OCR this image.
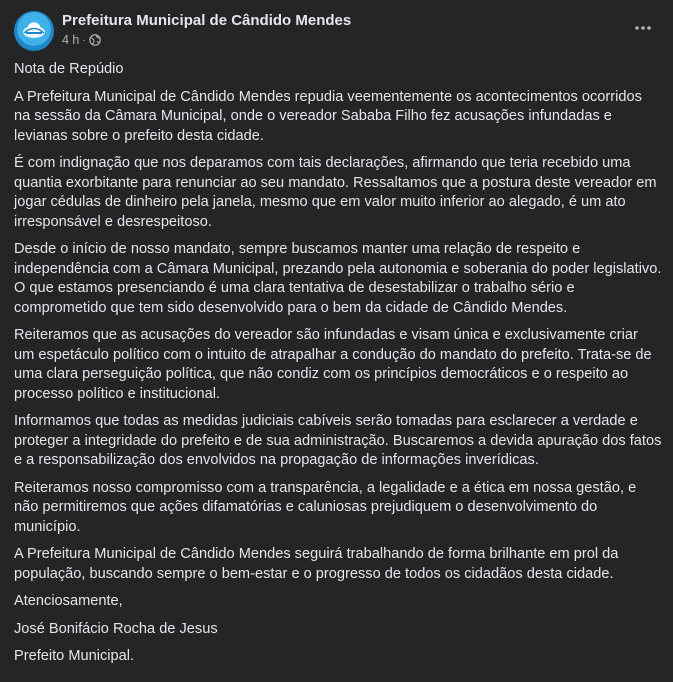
Prefeitura Municipal de Cândido Mendes
4 h ·

Nota de Repúdio

A Prefeitura Municipal de Cândido Mendes repudia veementemente os acontecimentos ocorridos na sessão da Câmara Municipal, onde o vereador Sababa Filho fez acusações infundadas e levianas sobre o prefeito desta cidade.

É com indignação que nos deparamos com tais declarações, afirmando que teria recebido uma quantia exorbitante para renunciar ao seu mandato. Ressaltamos que a postura deste vereador em jogar cédulas de dinheiro pela janela, mesmo que em valor muito inferior ao alegado, é um ato irresponsável e desrespeitoso.

Desde o início de nosso mandato, sempre buscamos manter uma relação de respeito e independência com a Câmara Municipal, prezando pela autonomia e soberania do poder legislativo. O que estamos presenciando é uma clara tentativa de desestabilizar o trabalho sério e comprometido que tem sido desenvolvido para o bem da cidade de Cândido Mendes.

Reiteramos que as acusações do vereador são infundadas e visam única e exclusivamente criar um espetáculo político com o intuito de atrapalhar a condução do mandato do prefeito. Trata-se de uma clara perseguição política, que não condiz com os princípios democráticos e o respeito ao processo político e institucional.

Informamos que todas as medidas judiciais cabíveis serão tomadas para esclarecer a verdade e proteger a integridade do prefeito e de sua administração. Buscaremos a devida apuração dos fatos e a responsabilização dos envolvidos na propagação de informações inverídicas.

Reiteramos nosso compromisso com a transparência, a legalidade e a ética em nossa gestão, e não permitiremos que ações difamatórias e caluniosas prejudiquem o desenvolvimento do município.

A Prefeitura Municipal de Cândido Mendes seguirá trabalhando de forma brilhante em prol da população, buscando sempre o bem-estar e o progresso de todos os cidadãos desta cidade.

Atenciosamente,

José Bonifácio Rocha de Jesus

Prefeito Municipal.
